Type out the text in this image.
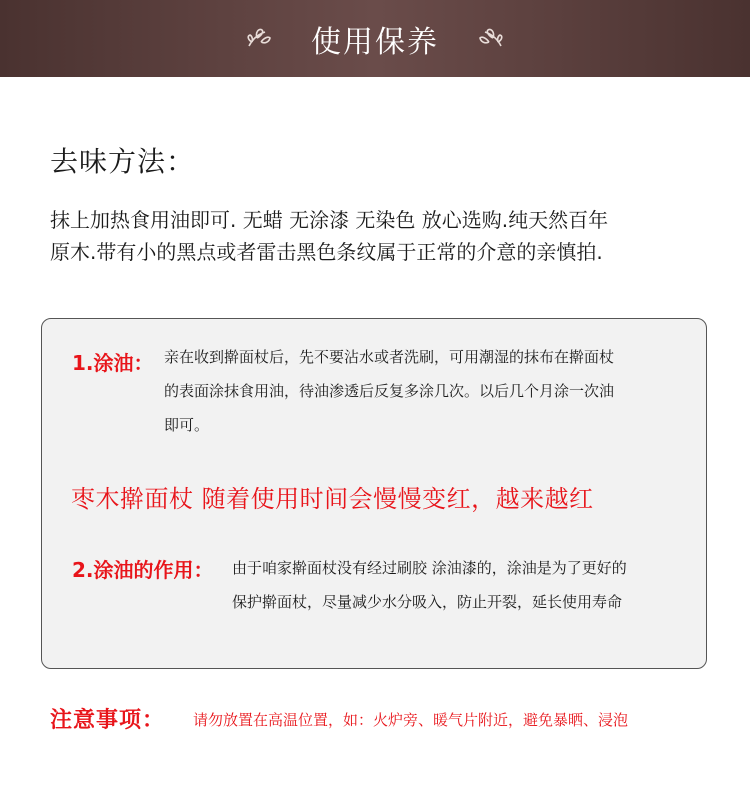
使用保养
去味方法：
抹上加热食用油即可. 无蜡 无涂漆 无染色 放心选购.纯天然百年
原木.带有小的黑点或者雷击黑色条纹属于正常的介意的亲慎拍.
1.涂油： 亲在收到擀面杖后，先不要沾水或者洗刷，可用潮湿的抹布在擀面杖
的表面涂抹食用油，待油渗透后反复多涂几次。以后几个月涂一次油
即可。
枣木擀面杖 随着使用时间会慢慢变红，越来越红
2.涂油的作用： 由于咱家擀面杖没有经过刷胶 涂油漆的，涂油是为了更好的
保护擀面杖，尽量减少水分吸入，防止开裂，延长使用寿命
注意事项： 请勿放置在高温位置，如：火炉旁、暖气片附近，避免暴晒、浸泡
